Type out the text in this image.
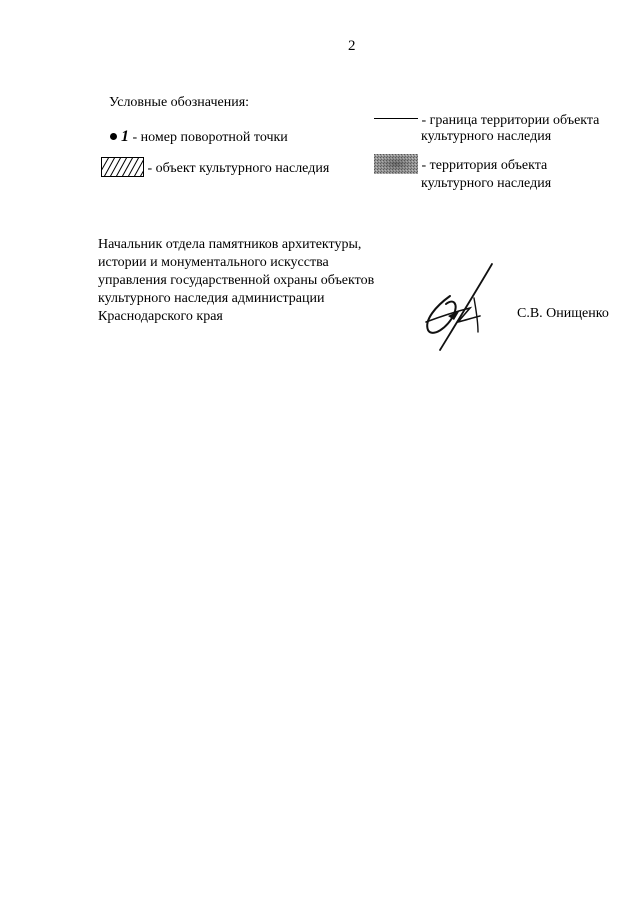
2
Условные обозначения:
1 - номер поворотной точки
- объект культурного наследия
- граница территории объекта
культурного наследия
- территория объекта
культурного наследия
Начальник отдела памятников архитектуры,
истории и монументального искусства
управления государственной охраны объектов
культурного наследия администрации
Краснодарского края	С.В. Онищенко
